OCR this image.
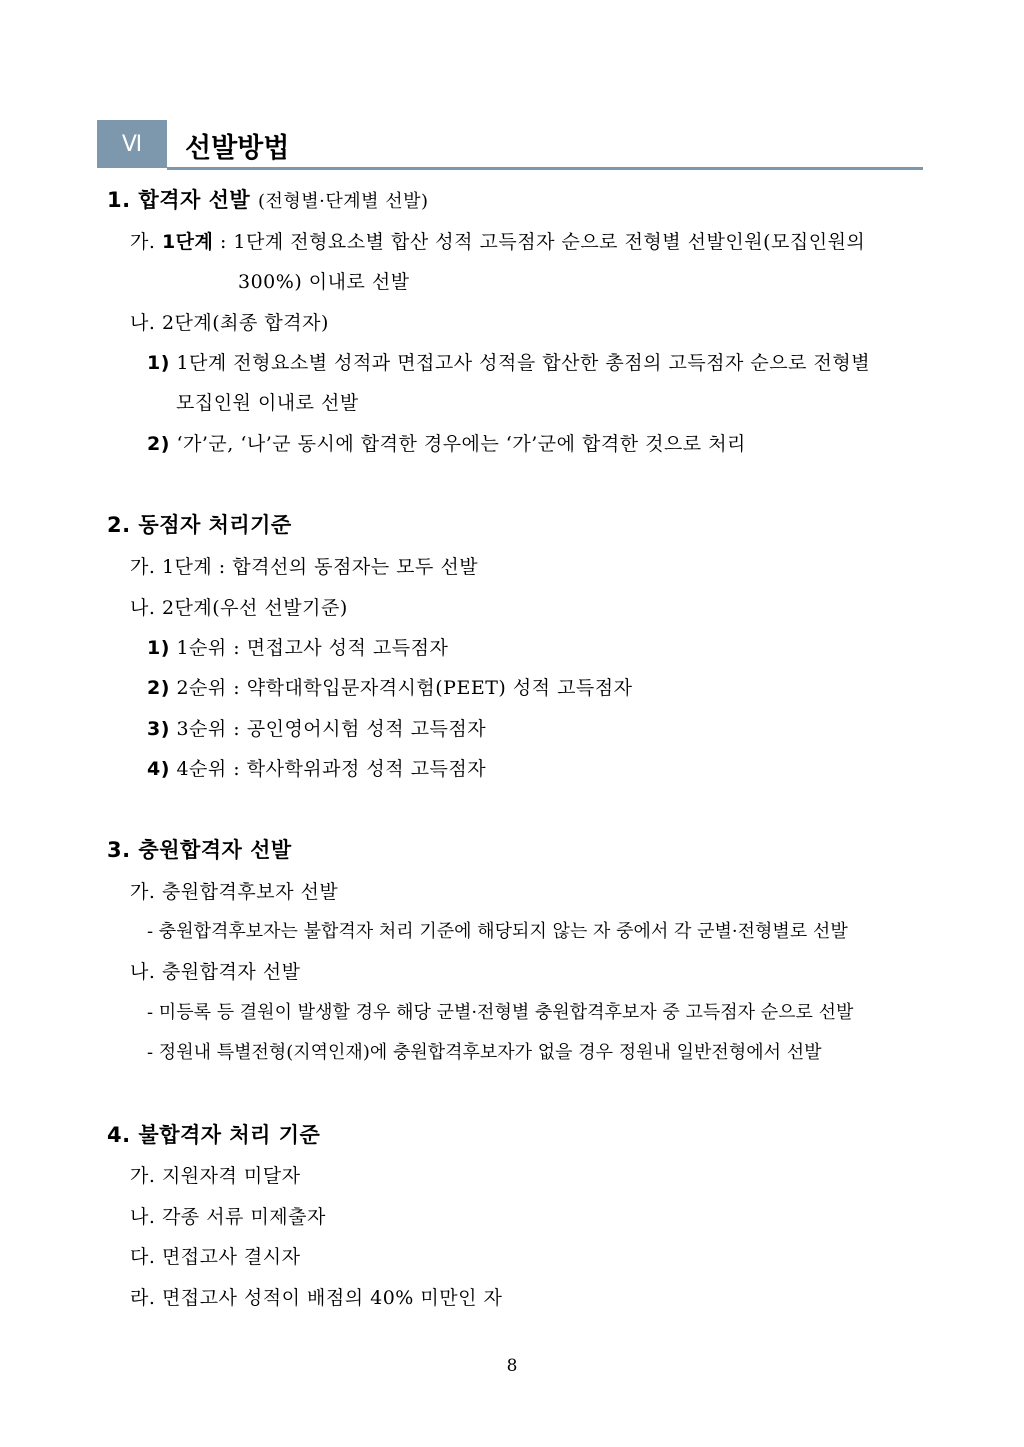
Ⅵ	선발방법
1. 합격자 선발 (전형별·단계별 선발)
가. 1단계 : 1단계 전형요소별 합산 성적 고득점자 순으로 전형별 선발인원(모집인원의
300%) 이내로 선발
나. 2단계(최종 합격자)
1) 1단계 전형요소별 성적과 면접고사 성적을 합산한 총점의 고득점자 순으로 전형별
모집인원 이내로 선발
2) ‘가’군, ‘나’군 동시에 합격한 경우에는 ‘가’군에 합격한 것으로 처리
2. 동점자 처리기준
가. 1단계 : 합격선의 동점자는 모두 선발
나. 2단계(우선 선발기준)
1) 1순위 : 면접고사 성적 고득점자
2) 2순위 : 약학대학입문자격시험(PEET) 성적 고득점자
3) 3순위 : 공인영어시험 성적 고득점자
4) 4순위 : 학사학위과정 성적 고득점자
3. 충원합격자 선발
가. 충원합격후보자 선발
- 충원합격후보자는 불합격자 처리 기준에 해당되지 않는 자 중에서 각 군별·전형별로 선발
나. 충원합격자 선발
- 미등록 등 결원이 발생할 경우 해당 군별·전형별 충원합격후보자 중 고득점자 순으로 선발
- 정원내 특별전형(지역인재)에 충원합격후보자가 없을 경우 정원내 일반전형에서 선발
4. 불합격자 처리 기준
가. 지원자격 미달자
나. 각종 서류 미제출자
다. 면접고사 결시자
라. 면접고사 성적이 배점의 40% 미만인 자
8
